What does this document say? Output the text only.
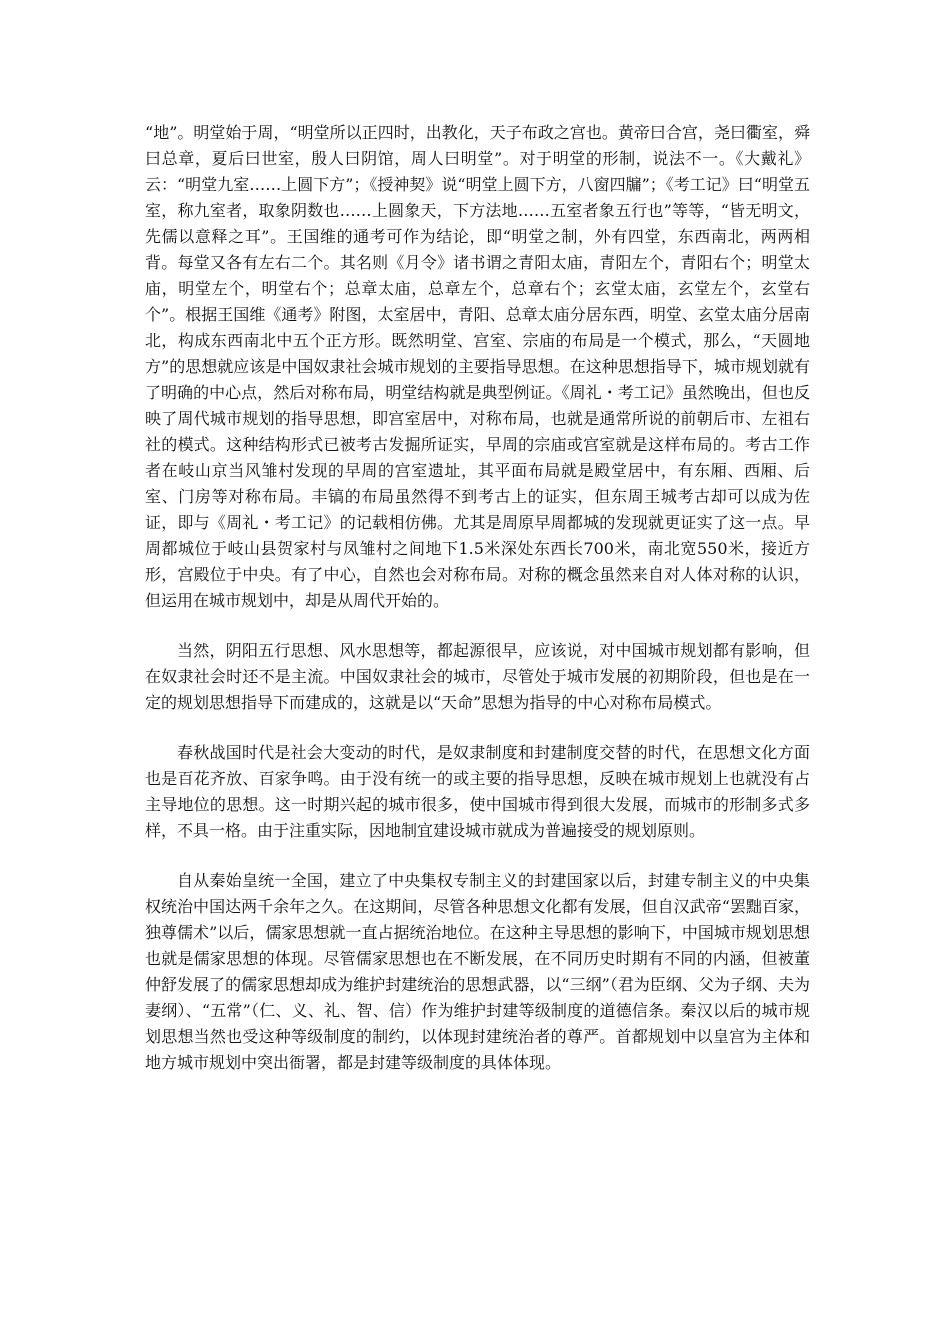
“地”。明堂始于周，“明堂所以正四时，出教化，天子布政之宫也。黄帝曰合宫，尧曰衢室，舜曰总章，夏后曰世室，殷人曰阴馆，周人曰明堂”。对于明堂的形制，说法不一。《大戴礼》云：“明堂九室……上圆下方”；《授神契》说“明堂上圆下方，八窗四牖”；《考工记》曰“明堂五室，称九室者，取象阴数也……上圆象天，下方法地……五室者象五行也”等等，“皆无明文，先儒以意释之耳”。王国维的通考可作为结论，即“明堂之制，外有四堂，东西南北，两两相背。每堂又各有左右二个。其名则《月令》诸书谓之青阳太庙，青阳左个，青阳右个；明堂太庙，明堂左个，明堂右个；总章太庙，总章左个，总章右个；玄堂太庙，玄堂左个，玄堂右个”。根据王国维《通考》附图，太室居中，青阳、总章太庙分居东西，明堂、玄堂太庙分居南北，构成东西南北中五个正方形。既然明堂、宫室、宗庙的布局是一个模式，那么，“天圆地方”的思想就应该是中国奴隶社会城市规划的主要指导思想。在这种思想指导下，城市规划就有了明确的中心点，然后对称布局，明堂结构就是典型例证。《周礼・考工记》虽然晚出，但也反映了周代城市规划的指导思想，即宫室居中，对称布局，也就是通常所说的前朝后市、左祖右社的模式。这种结构形式已被考古发掘所证实，早周的宗庙或宫室就是这样布局的。考古工作者在岐山京当风雏村发现的早周的宫室遗址，其平面布局就是殿堂居中，有东厢、西厢、后室、门房等对称布局。丰镐的布局虽然得不到考古上的证实，但东周王城考古却可以成为佐证，即与《周礼・考工记》的记载相仿佛。尤其是周原早周都城的发现就更证实了这一点。早周都城位于岐山县贺家村与凤雏村之间地下1.5米深处东西长700米，南北宽550米，接近方形，宫殿位于中央。有了中心，自然也会对称布局。对称的概念虽然来自对人体对称的认识，但运用在城市规划中，却是从周代开始的。

当然，阴阳五行思想、风水思想等，都起源很早，应该说，对中国城市规划都有影响，但在奴隶社会时还不是主流。中国奴隶社会的城市，尽管处于城市发展的初期阶段，但也是在一定的规划思想指导下而建成的，这就是以“天命”思想为指导的中心对称布局模式。

春秋战国时代是社会大变动的时代，是奴隶制度和封建制度交替的时代，在思想文化方面也是百花齐放、百家争鸣。由于没有统一的或主要的指导思想，反映在城市规划上也就没有占主导地位的思想。这一时期兴起的城市很多，使中国城市得到很大发展，而城市的形制多式多样，不具一格。由于注重实际，因地制宜建设城市就成为普遍接受的规划原则。

自从秦始皇统一全国，建立了中央集权专制主义的封建国家以后，封建专制主义的中央集权统治中国达两千余年之久。在这期间，尽管各种思想文化都有发展，但自汉武帝“罢黜百家，独尊儒术”以后，儒家思想就一直占据统治地位。在这种主导思想的影响下，中国城市规划思想也就是儒家思想的体现。尽管儒家思想也在不断发展，在不同历史时期有不同的内涵，但被董仲舒发展了的儒家思想却成为维护封建统治的思想武器，以“三纲”（君为臣纲、父为子纲、夫为妻纲）、“五常”（仁、义、礼、智、信）作为维护封建等级制度的道德信条。秦汉以后的城市规划思想当然也受这种等级制度的制约，以体现封建统治者的尊严。首都规划中以皇宫为主体和地方城市规划中突出衙署，都是封建等级制度的具体体现。
